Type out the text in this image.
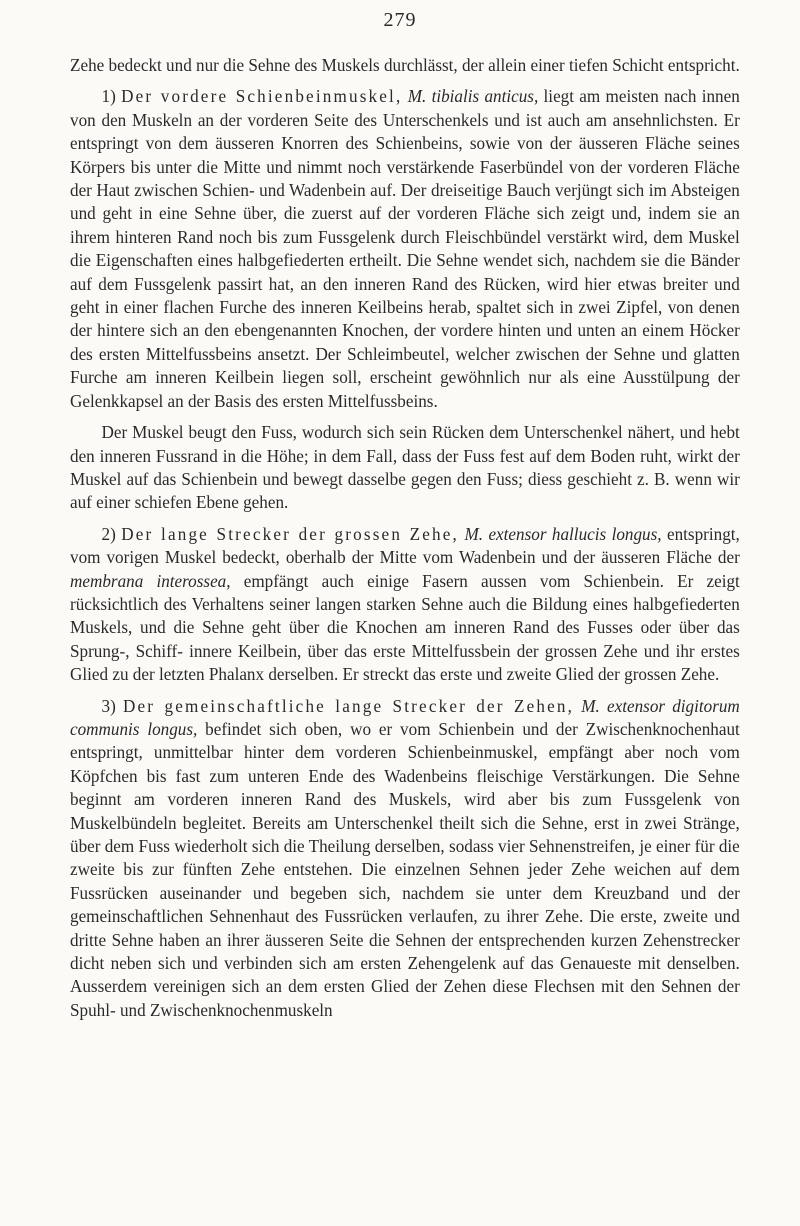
279

Zehe bedeckt und nur die Sehne des Muskels durchlässt, der allein einer tiefen Schicht entspricht.

1) Der vordere Schienbeinmuskel, M. tibialis anticus, liegt am meisten nach innen von den Muskeln an der vorderen Seite des Unterschenkels und ist auch am ansehnlichsten. Er entspringt von dem äusseren Knorren des Schienbeins, sowie von der äusseren Fläche seines Körpers bis unter die Mitte und nimmt noch verstärkende Faserbündel von der vorderen Fläche der Haut zwischen Schien- und Wadenbein auf. Der dreiseitige Bauch verjüngt sich im Absteigen und geht in eine Sehne über, die zuerst auf der vorderen Fläche sich zeigt und, indem sie an ihrem hinteren Rand noch bis zum Fussgelenk durch Fleischbündel verstärkt wird, dem Muskel die Eigenschaften eines halbgefiederten ertheilt. Die Sehne wendet sich, nachdem sie die Bänder auf dem Fussgelenk passirt hat, an den inneren Rand des Rücken, wird hier etwas breiter und geht in einer flachen Furche des inneren Keilbeins herab, spaltet sich in zwei Zipfel, von denen der hintere sich an den ebengenannten Knochen, der vordere hinten und unten an einem Höcker des ersten Mittelfussbeins ansetzt. Der Schleimbeutel, welcher zwischen der Sehne und glatten Furche am inneren Keilbein liegen soll, erscheint gewöhnlich nur als eine Ausstülpung der Gelenkkapsel an der Basis des ersten Mittelfussbeins.

Der Muskel beugt den Fuss, wodurch sich sein Rücken dem Unterschenkel nähert, und hebt den inneren Fussrand in die Höhe; in dem Fall, dass der Fuss fest auf dem Boden ruht, wirkt der Muskel auf das Schienbein und bewegt dasselbe gegen den Fuss; diess geschieht z. B. wenn wir auf einer schiefen Ebene gehen.

2) Der lange Strecker der grossen Zehe, M. extensor hallucis longus, entspringt, vom vorigen Muskel bedeckt, oberhalb der Mitte vom Wadenbein und der äusseren Fläche der membrana interossea, empfängt auch einige Fasern aussen vom Schienbein. Er zeigt rücksichtlich des Verhaltens seiner langen starken Sehne auch die Bildung eines halbgefiederten Muskels, und die Sehne geht über die Knochen am inneren Rand des Fusses oder über das Sprung-, Schiff- innere Keilbein, über das erste Mittelfussbein der grossen Zehe und ihr erstes Glied zu der letzten Phalanx derselben. Er streckt das erste und zweite Glied der grossen Zehe.

3) Der gemeinschaftliche lange Strecker der Zehen, M. extensor digitorum communis longus, befindet sich oben, wo er vom Schienbein und der Zwischenknochenhaut entspringt, unmittelbar hinter dem vorderen Schienbeinmuskel, empfängt aber noch vom Köpfchen bis fast zum unteren Ende des Wadenbeins fleischige Verstärkungen. Die Sehne beginnt am vorderen inneren Rand des Muskels, wird aber bis zum Fussgelenk von Muskelbündeln begleitet. Bereits am Unterschenkel theilt sich die Sehne, erst in zwei Stränge, über dem Fuss wiederholt sich die Theilung derselben, sodass vier Sehnenstreifen, je einer für die zweite bis zur fünften Zehe entstehen. Die einzelnen Sehnen jeder Zehe weichen auf dem Fussrücken auseinander und begeben sich, nachdem sie unter dem Kreuzband und der gemeinschaftlichen Sehnenhaut des Fussrücken verlaufen, zu ihrer Zehe. Die erste, zweite und dritte Sehne haben an ihrer äusseren Seite die Sehnen der entsprechenden kurzen Zehenstrecker dicht neben sich und verbinden sich am ersten Zehengelenk auf das Genaueste mit denselben. Ausserdem vereinigen sich an dem ersten Glied der Zehen diese Flechsen mit den Sehnen der Spuhl- und Zwischenknochenmuskeln
